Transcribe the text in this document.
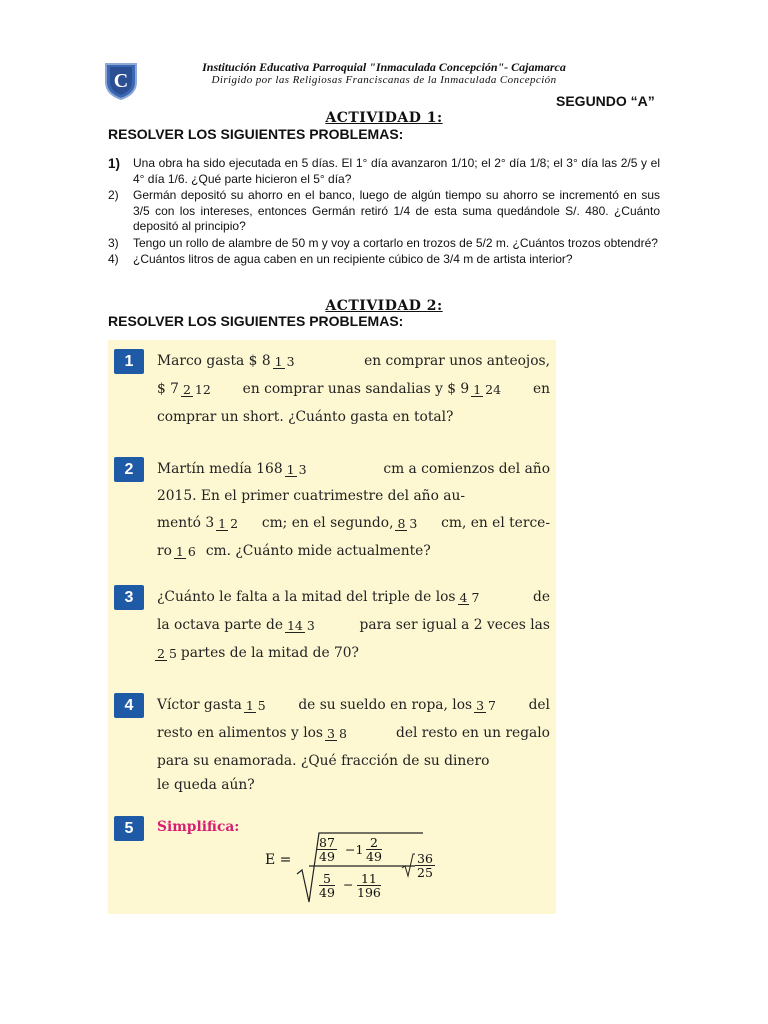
C
Institución Educativa Parroquial "Inmaculada Concepción"- Cajamarca
Dirigido por las Religiosas Franciscanas de la Inmaculada Concepción
SEGUNDO “A”
ACTIVIDAD 1:
RESOLVER LOS SIGUIENTES PROBLEMAS:
1)	Una obra ha sido ejecutada en 5 días. El 1° día avanzaron 1/10; el 2° día 1/8; el 3° día las 2/5 y el 4° día 1/6. ¿Qué parte hicieron el 5° día?
2)	Germán depositó su ahorro en el banco, luego de algún tiempo su ahorro se incrementó en sus 3/5 con los intereses, entonces Germán retiró 1/4 de esta suma quedándole S/. 480. ¿Cuánto depositó al principio?
3)	Tengo un rollo de alambre de 50 m y voy a cortarlo en trozos de 5/2 m. ¿Cuántos trozos obtendré?
4)	¿Cuántos litros de agua caben en un recipiente cúbico de 3/4 m de artista interior?
ACTIVIDAD 2:
RESOLVER LOS SIGUIENTES PROBLEMAS:
1	Marco gasta $ 8 1 3	en comprar unos anteojos,
$ 7 2 12 en comprar unas sandalias y $ 9 1 24 en
comprar un short. ¿Cuánto gasta en total?
2	Martín medía 168 1 3	cm a comienzos del año
2015. En el primer cuatrimestre del año au-
mentó 3 1 2 cm; en el segundo, 8 3 cm, en el terce-
ro 1 6 cm. ¿Cuánto mide actualmente?
3	¿Cuánto le falta a la mitad del triple de los 4 7	de
la octava parte de 14 3	para ser igual a 2 veces las
2 5 partes de la mitad de 70?
4	Víctor gasta 1 5 de su sueldo en ropa, los 3 7 del
resto en alimentos y los 3 8	del resto en un regalo
para su enamorada. ¿Qué fracción de su dinero
le queda aún?
5	Simplifica:
E =
87
49 −1 2
49
5
49
− 11
196
36
25
